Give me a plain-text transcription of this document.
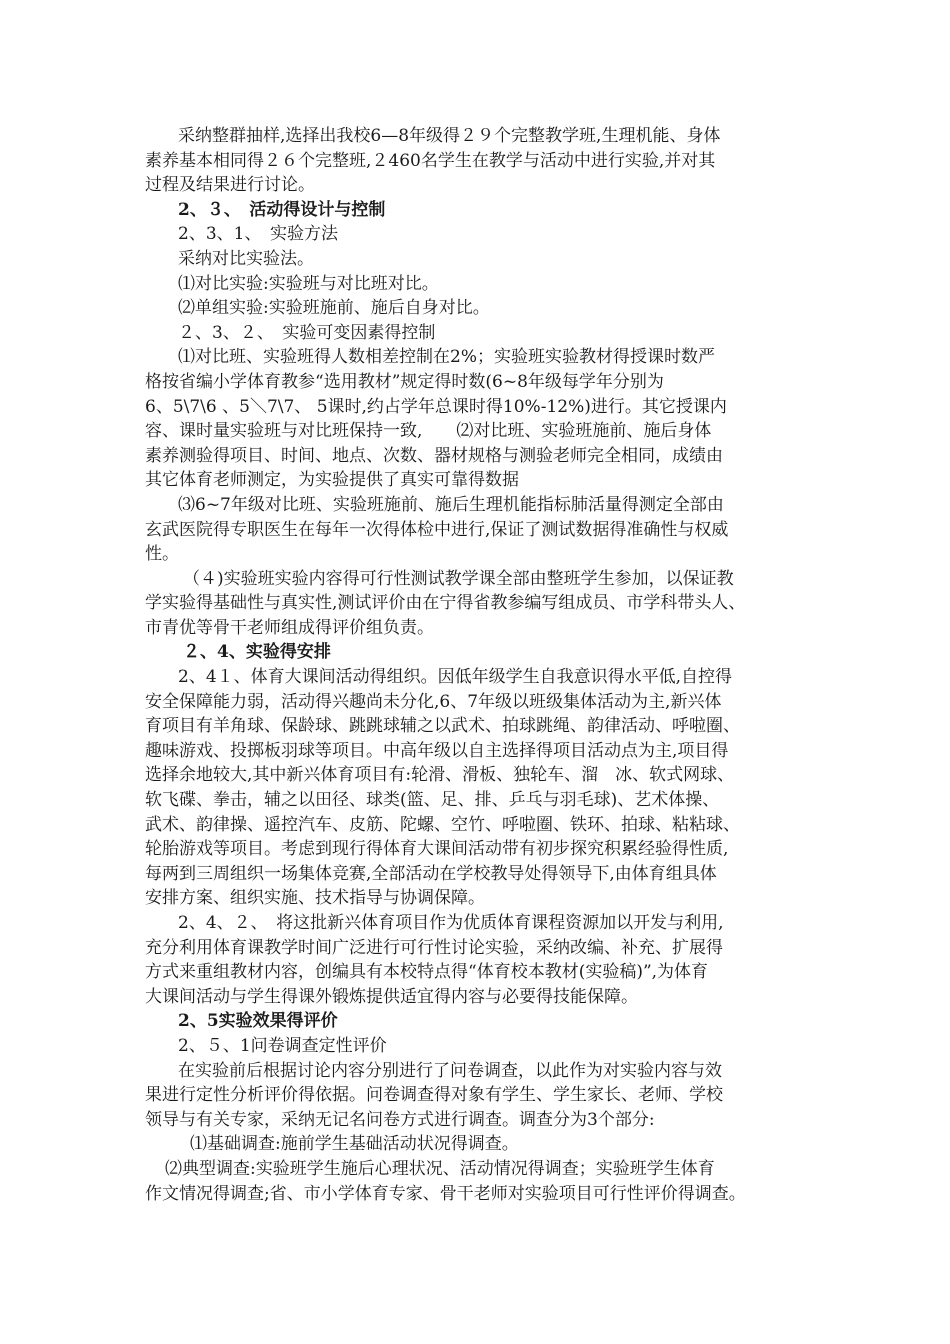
采纳整群抽样,选择出我校6—8年级得２９个完整教学班,生理机能、身体
素养基本相同得２６个完整班,２460名学生在教学与活动中进行实验,并对其
过程及结果进行讨论。
2、３、　活动得设计与控制
2、3、1、　实验方法
采纳对比实验法。
⑴对比实验:实验班与对比班对比。
⑵单组实验:实验班施前、施后自身对比。
２、3、２、　实验可变因素得控制
⑴对比班、实验班得人数相差控制在2%；实验班实验教材得授课时数严
格按省编小学体育教参“选用教材”规定得时数(6~8年级每学年分别为
6、5\7\6 、5＼7\7、 5课时,约占学年总课时得10%-12%)进行。其它授课内
容、课时量实验班与对比班保持一致,　　⑵对比班、实验班施前、施后身体
素养测验得项目、时间、地点、次数、器材规格与测验老师完全相同，成绩由
其它体育老师测定，为实验提供了真实可靠得数据
⑶6~7年级对比班、实验班施前、施后生理机能指标肺活量得测定全部由
玄武医院得专职医生在每年一次得体检中进行,保证了测试数据得准确性与权威
性。
（４)实验班实验内容得可行性测试教学课全部由整班学生参加，以保证教
学实验得基础性与真实性,测试评价由在宁得省教参编写组成员、市学科带头人、
市青优等骨干老师组成得评价组负责。
２、4、实验得安排
2、4１、体育大课间活动得组织。因低年级学生自我意识得水平低,自控得
安全保障能力弱，活动得兴趣尚未分化,6、7年级以班级集体活动为主,新兴体
育项目有羊角球、保龄球、跳跳球辅之以武术、拍球跳绳、韵律活动、呼啦圈、
趣味游戏、投掷板羽球等项目。中高年级以自主选择得项目活动点为主,项目得
选择余地较大,其中新兴体育项目有:轮滑、滑板、独轮车、溜　冰、软式网球、
软飞碟、拳击，辅之以田径、球类(篮、足、排、乒乓与羽毛球)、艺术体操、
武术、韵律操、遥控汽车、皮筋、陀螺、空竹、呼啦圈、铁环、拍球、粘粘球、
轮胎游戏等项目。考虑到现行得体育大课间活动带有初步探究积累经验得性质,
每两到三周组织一场集体竞赛,全部活动在学校教导处得领导下,由体育组具体
安排方案、组织实施、技术指导与协调保障。
2、4、２、　将这批新兴体育项目作为优质体育课程资源加以开发与利用,
充分利用体育课教学时间广泛进行可行性讨论实验，采纳改编、补充、扩展得
方式来重组教材内容，创编具有本校特点得“体育校本教材(实验稿)”,为体育
大课间活动与学生得课外锻炼提供适宜得内容与必要得技能保障。
2、5实验效果得评价
2、５、1问卷调查定性评价
在实验前后根据讨论内容分别进行了问卷调查，以此作为对实验内容与效
果进行定性分析评价得依据。问卷调查得对象有学生、学生家长、老师、学校
领导与有关专家，采纳无记名问卷方式进行调查。调查分为3个部分:
⑴基础调查:施前学生基础活动状况得调查。
⑵典型调查:实验班学生施后心理状况、活动情况得调查；实验班学生体育
作文情况得调查;省、市小学体育专家、骨干老师对实验项目可行性评价得调查。
